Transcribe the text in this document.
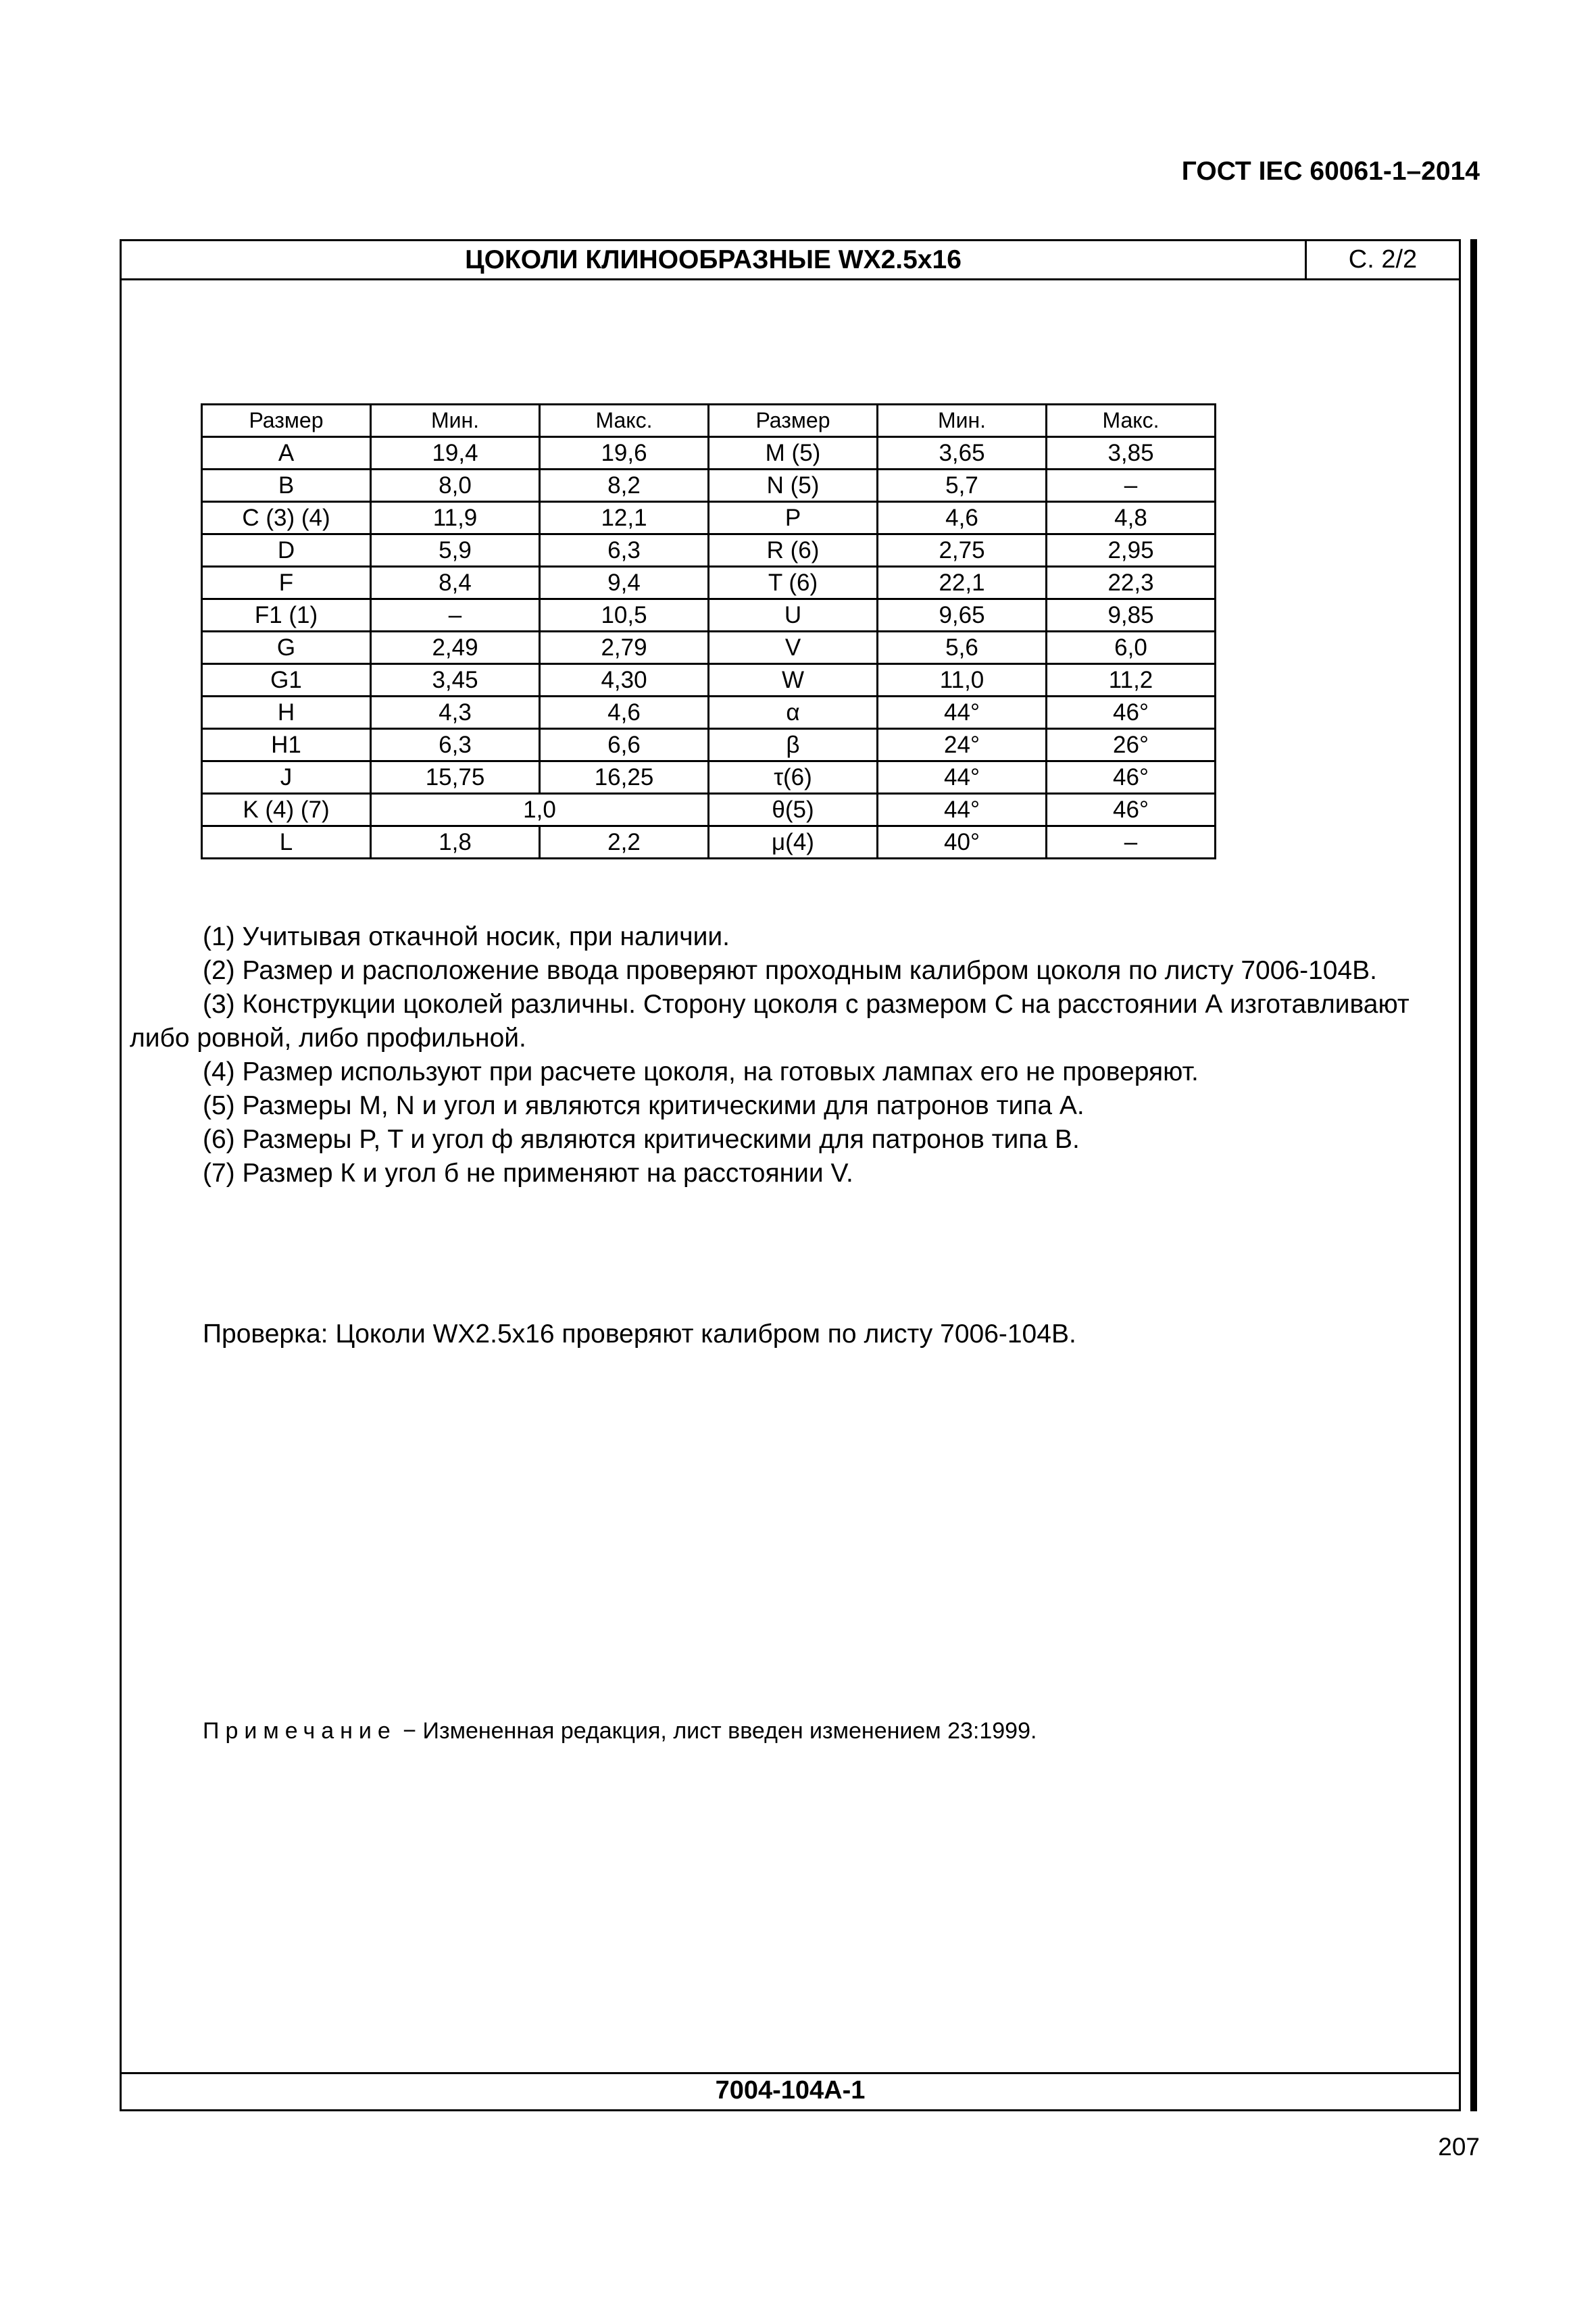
ГОСТ IEC 60061-1–2014
ЦОКОЛИ КЛИНООБРАЗНЫЕ WX2.5x16	С. 2/2
Размер	Мин.	Макс.	Размер	Мин.	Макс.
A	19,4	19,6	M (5)	3,65	3,85
B	8,0	8,2	N (5)	5,7	–
C (3) (4)	11,9	12,1	P	4,6	4,8
D	5,9	6,3	R (6)	2,75	2,95
F	8,4	9,4	T (6)	22,1	22,3
F1 (1)	–	10,5	U	9,65	9,85
G	2,49	2,79	V	5,6	6,0
G1	3,45	4,30	W	11,0	11,2
H	4,3	4,6	α	44°	46°
H1	6,3	6,6	β	24°	26°
J	15,75	16,25	τ(6)	44°	46°
K (4) (7)	1,0		θ(5)	44°	46°
L	1,8	2,2	μ(4)	40°	–

(1) Учитывая откачной носик, при наличии.

(2) Размер и расположение ввода проверяют проходным калибром цоколя по листу 7006-104B.

(3) Конструкции цоколей различны. Сторону цоколя с размером С на расстоянии А изготавливают либо ровной, либо профильной.

(4) Размер используют при расчете цоколя, на готовых лампах его не проверяют.

(5) Размеры M, N и угол и являются критическими для патронов типа А.

(6) Размеры P, T и угол ф являются критическими для патронов типа В.

(7) Размер К и угол б не применяют на расстоянии V.

Проверка: Цоколи WX2.5x16 проверяют калибром по листу 7006-104B.
Примечание − Измененная редакция, лист введен изменением 23:1999.
7004-104A-1
207
